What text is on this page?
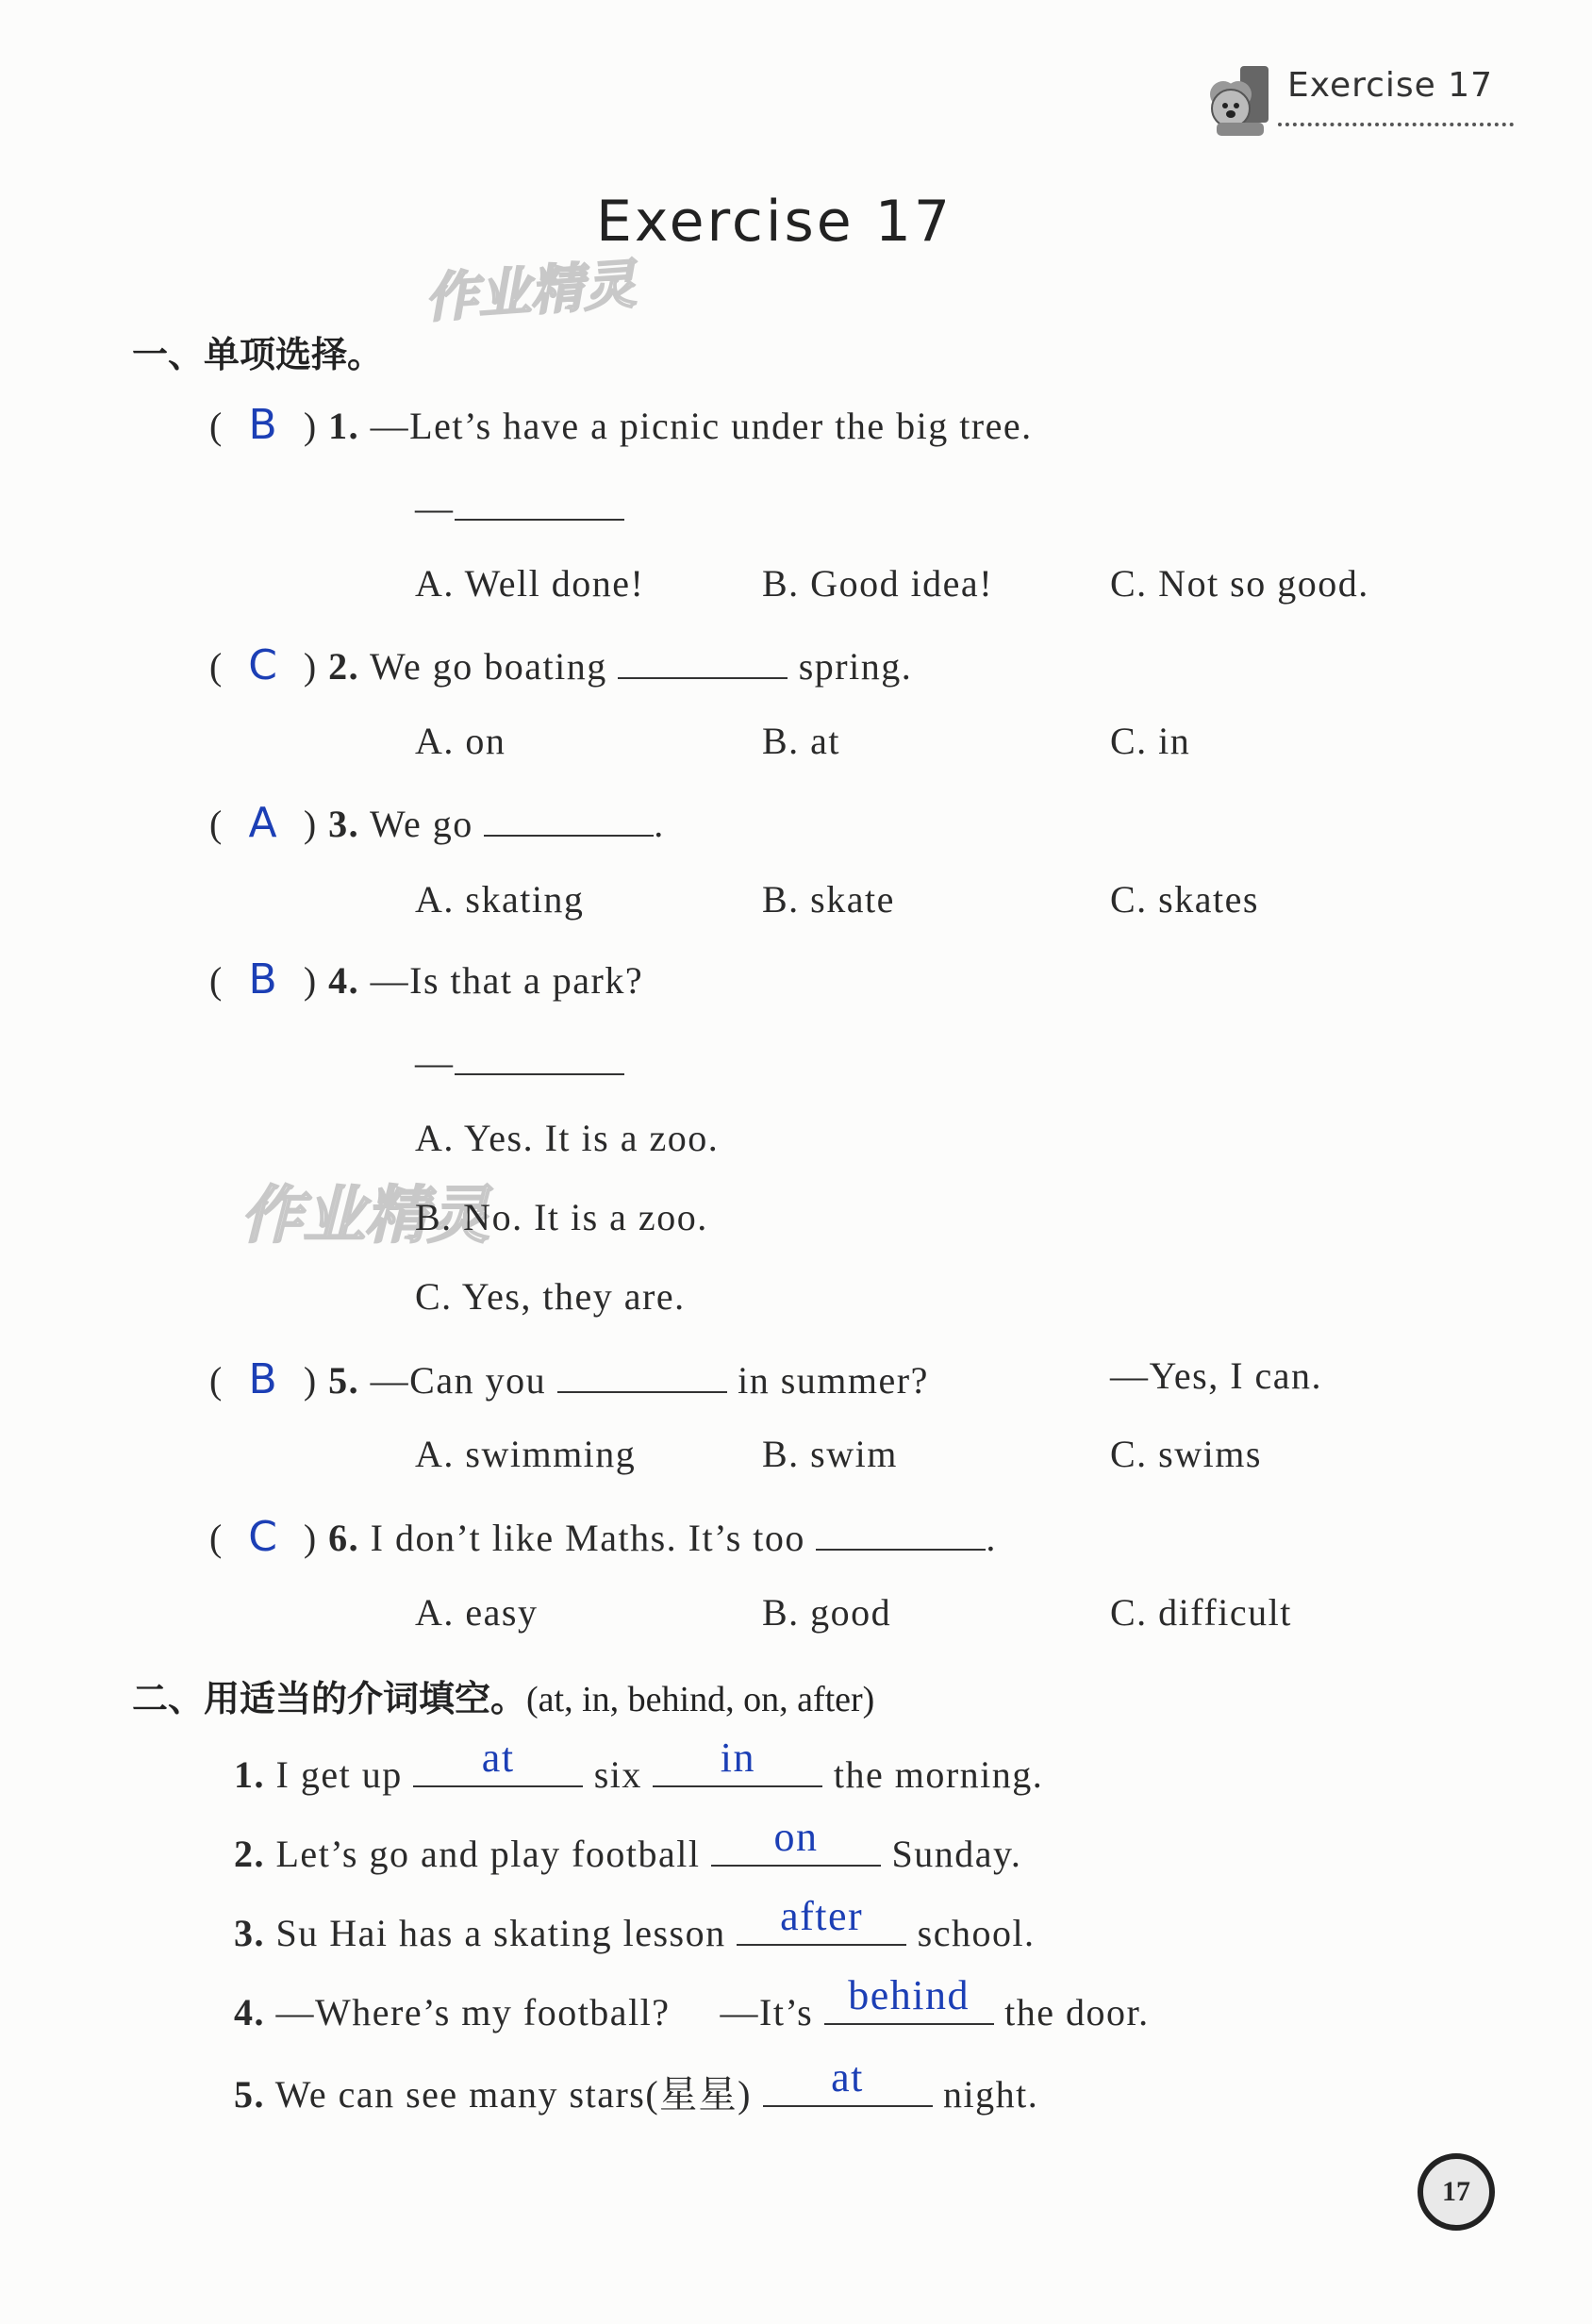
Exercise 17
Exercise 17
作业精灵
作业精灵
一、单项选择。
( B ) 1. —Let’s have a picnic under the big tree.
—
A. Well done!	B. Good idea!	C. Not so good.
( C ) 2. We go boating	spring.
A. on	B. at	C. in
( A ) 3. We go	.
A. skating	B. skate	C. skates
( B ) 4. —Is that a park?
—
A. Yes. It is a zoo.
B. No. It is a zoo.
C. Yes, they are.
( B ) 5. —Can you	in summer?	—Yes, I can.
A. swimming	B. swim	C. swims
( C ) 6. I don’t like Maths. It’s too	.
A. easy	B. good	C. difficult
二、用适当的介词填空。(at, in, behind, on, after)
1. I get up	at	six	in	the morning.
2. Let’s go and play football	on	Sunday.
3. Su Hai has a skating lesson	after	school.
4. —Where’s my football? —It’s behind the door.
5. We can see many stars(星星)	at	night.
17
